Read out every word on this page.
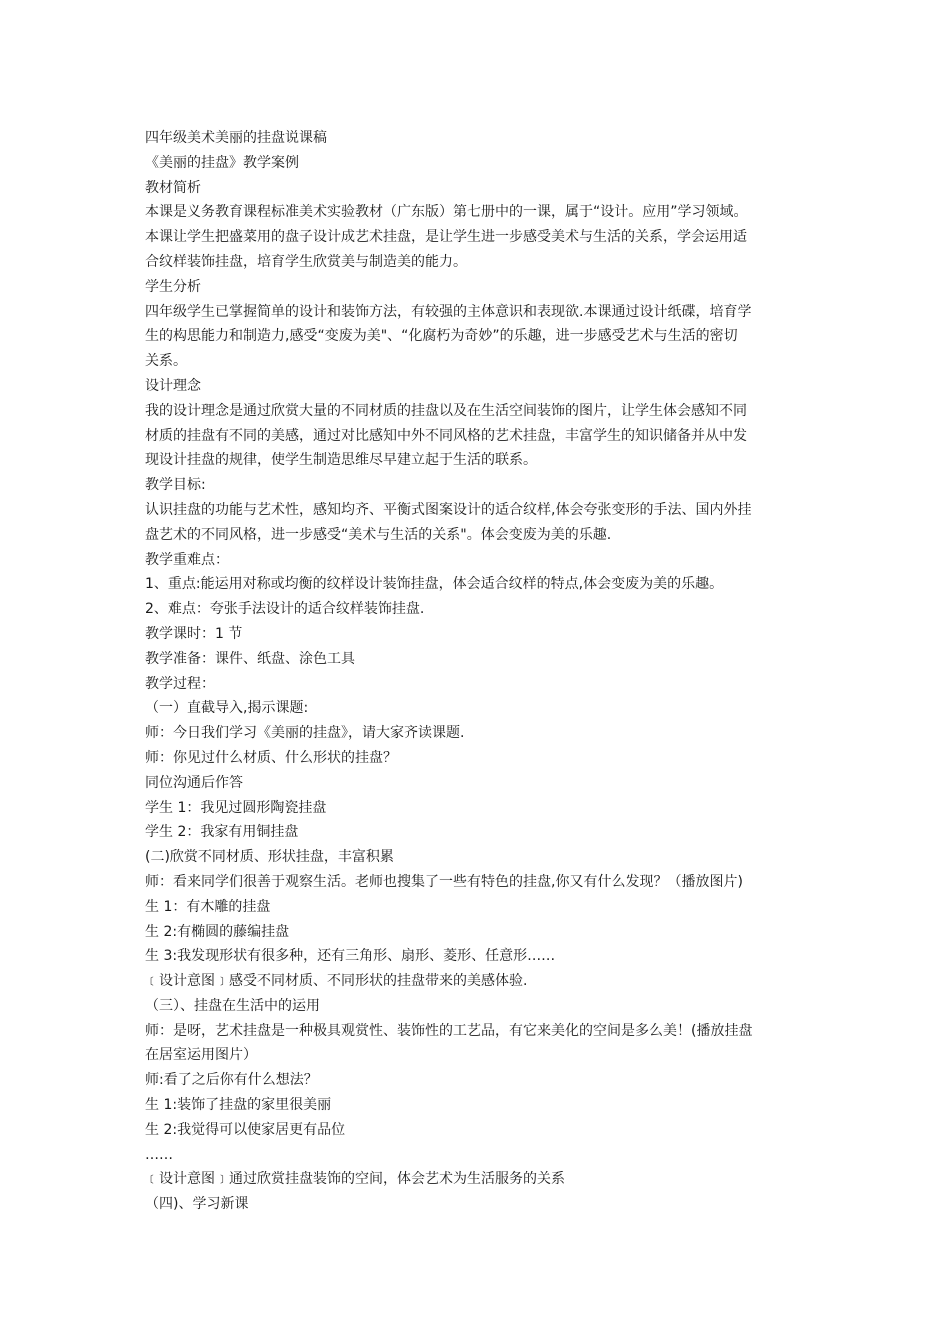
四年级美术美丽的挂盘说课稿
《美丽的挂盘》教学案例
教材简析
本课是义务教育课程标准美术实验教材（广东版）第七册中的一课，属于“设计。应用”学习领域。
本课让学生把盛菜用的盘子设计成艺术挂盘，是让学生进一步感受美术与生活的关系，学会运用适
合纹样装饰挂盘，培育学生欣赏美与制造美的能力。
学生分析
四年级学生已掌握简单的设计和装饰方法，有较强的主体意识和表现欲.本课通过设计纸碟，培育学
生的构思能力和制造力,感受“变废为美"、“化腐朽为奇妙”的乐趣，进一步感受艺术与生活的密切
关系。
设计理念
我的设计理念是通过欣赏大量的不同材质的挂盘以及在生活空间装饰的图片，让学生体会感知不同
材质的挂盘有不同的美感，通过对比感知中外不同风格的艺术挂盘，丰富学生的知识储备并从中发
现设计挂盘的规律，使学生制造思维尽早建立起于生活的联系。
教学目标:
认识挂盘的功能与艺术性，感知均齐、平衡式图案设计的适合纹样,体会夸张变形的手法、国内外挂
盘艺术的不同风格，进一步感受“美术与生活的关系"。体会变废为美的乐趣.
教学重难点：
1、重点:能运用对称或均衡的纹样设计装饰挂盘，体会适合纹样的特点,体会变废为美的乐趣。
2、难点：夸张手法设计的适合纹样装饰挂盘.
教学课时：1 节
教学准备：课件、纸盘、涂色工具
教学过程：
（一）直截导入,揭示课题:
师：今日我们学习《美丽的挂盘》，请大家齐读课题.
师：你见过什么材质、什么形状的挂盘？
同位沟通后作答
学生 1：我见过圆形陶瓷挂盘
学生 2：我家有用铜挂盘
(二)欣赏不同材质、形状挂盘，丰富积累
师：看来同学们很善于观察生活。老师也搜集了一些有特色的挂盘,你又有什么发现？（播放图片)
生 1：有木雕的挂盘
生 2:有椭圆的藤编挂盘
生 3:我发现形状有很多种，还有三角形、扇形、菱形、任意形……
﹝设计意图﹞感受不同材质、不同形状的挂盘带来的美感体验.
（三）、挂盘在生活中的运用
师：是呀，艺术挂盘是一种极具观赏性、装饰性的工艺品，有它来美化的空间是多么美！(播放挂盘
在居室运用图片）
师:看了之后你有什么想法？
生 1:装饰了挂盘的家里很美丽
生 2:我觉得可以使家居更有品位
……
﹝设计意图﹞通过欣赏挂盘装饰的空间，体会艺术为生活服务的关系
（四)、学习新课
